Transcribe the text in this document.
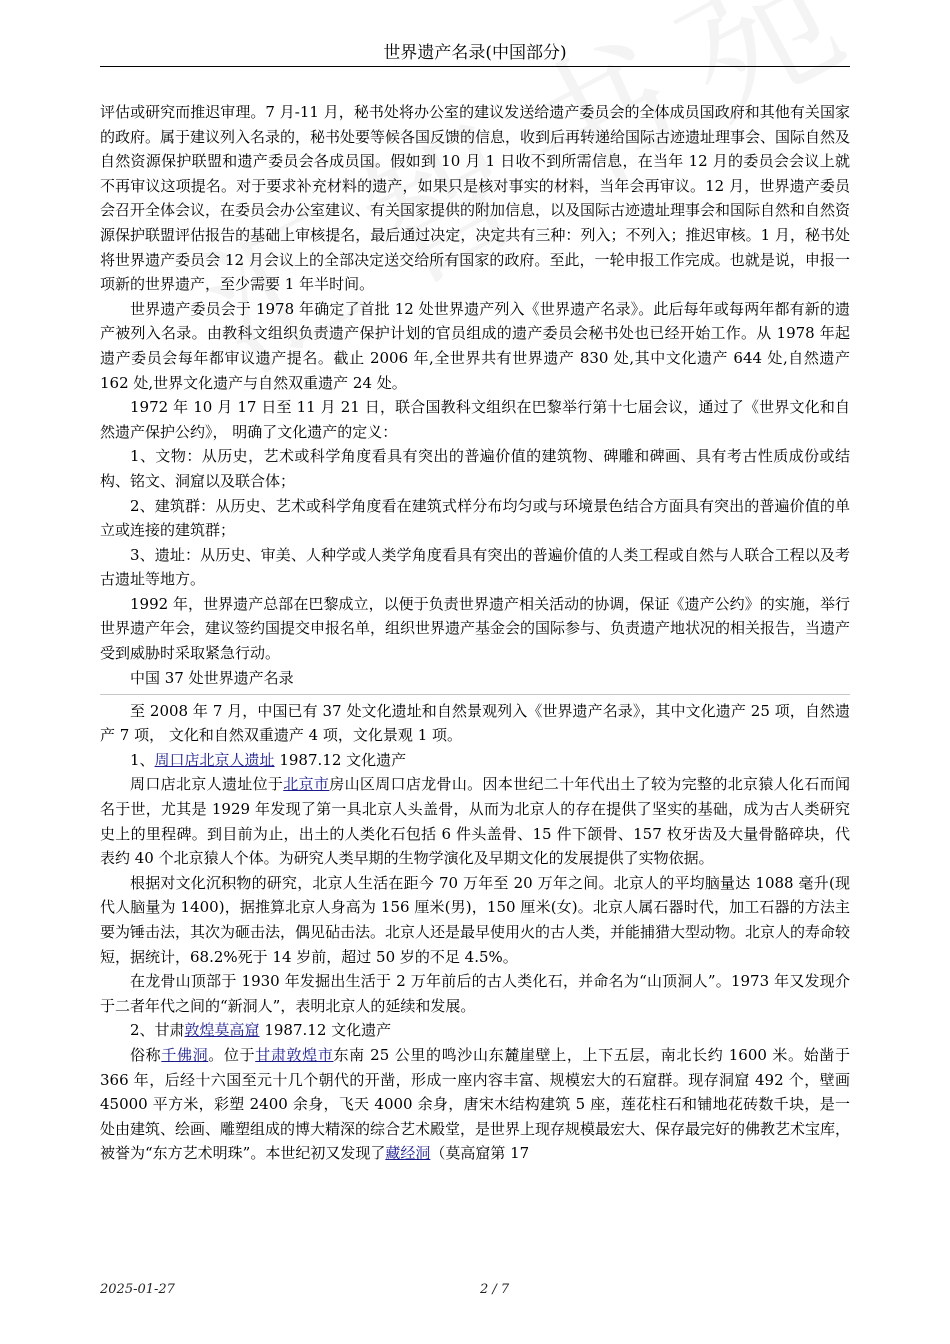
世界遗产名录(中国部分)

评估或研究而推迟审理。7 月-11 月，秘书处将办公室的建议发送给遗产委员会的全体成员国政府和其他有关国家的政府。属于建议列入名录的，秘书处要等候各国反馈的信息，收到后再转递给国际古迹遗址理事会、国际自然及自然资源保护联盟和遗产委员会各成员国。假如到 10 月 1 日收不到所需信息，在当年 12 月的委员会会议上就不再审议这项提名。对于要求补充材料的遗产，如果只是核对事实的材料，当年会再审议。12 月，世界遗产委员会召开全体会议，在委员会办公室建议、有关国家提供的附加信息，以及国际古迹遗址理事会和国际自然和自然资源保护联盟评估报告的基础上审核提名，最后通过决定，决定共有三种：列入；不列入；推迟审核。1 月，秘书处将世界遗产委员会 12 月会议上的全部决定送交给所有国家的政府。至此，一轮申报工作完成。也就是说，申报一项新的世界遗产，至少需要 1 年半时间。

世界遗产委员会于 1978 年确定了首批 12 处世界遗产列入《世界遗产名录》。此后每年或每两年都有新的遗产被列入名录。由教科文组织负责遗产保护计划的官员组成的遗产委员会秘书处也已经开始工作。从 1978 年起遗产委员会每年都审议遗产提名。截止 2006 年,全世界共有世界遗产 830 处,其中文化遗产 644 处,自然遗产 162 处,世界文化遗产与自然双重遗产 24 处。

1972 年 10 月 17 日至 11 月 21 日，联合国教科文组织在巴黎举行第十七届会议，通过了《世界文化和自然遗产保护公约》， 明确了文化遗产的定义：

1、文物：从历史，艺术或科学角度看具有突出的普遍价值的建筑物、碑雕和碑画、具有考古性质成份或结构、铭文、洞窟以及联合体；

2、建筑群：从历史、艺术或科学角度看在建筑式样分布均匀或与环境景色结合方面具有突出的普遍价值的单立或连接的建筑群；

3、遗址：从历史、审美、人种学或人类学角度看具有突出的普遍价值的人类工程或自然与人联合工程以及考古遗址等地方。

1992 年，世界遗产总部在巴黎成立，以便于负责世界遗产相关活动的协调，保证《遗产公约》的实施，举行世界遗产年会，建议签约国提交申报名单，组织世界遗产基金会的国际参与、负责遗产地状况的相关报告，当遗产受到威胁时采取紧急行动。

中国 37 处世界遗产名录

至 2008 年 7 月，中国已有 37 处文化遗址和自然景观列入《世界遗产名录》，其中文化遗产 25 项，自然遗产 7 项， 文化和自然双重遗产 4 项，文化景观 1 项。

1、周口店北京人遗址 1987.12 文化遗产

周口店北京人遗址位于北京市房山区周口店龙骨山。因本世纪二十年代出土了较为完整的北京猿人化石而闻名于世，尤其是 1929 年发现了第一具北京人头盖骨，从而为北京人的存在提供了坚实的基础，成为古人类研究史上的里程碑。到目前为止，出土的人类化石包括 6 件头盖骨、15 件下颌骨、157 枚牙齿及大量骨骼碎块，代表约 40 个北京猿人个体。为研究人类早期的生物学演化及早期文化的发展提供了实物依据。

根据对文化沉积物的研究，北京人生活在距今 70 万年至 20 万年之间。北京人的平均脑量达 1088 毫升(现代人脑量为 1400)，据推算北京人身高为 156 厘米(男)，150 厘米(女)。北京人属石器时代，加工石器的方法主要为锤击法，其次为砸击法，偶见砧击法。北京人还是最早使用火的古人类，并能捕猎大型动物。北京人的寿命较短，据统计，68.2%死于 14 岁前，超过 50 岁的不足 4.5%。

在龙骨山顶部于 1930 年发掘出生活于 2 万年前后的古人类化石，并命名为“山顶洞人”。1973 年又发现介于二者年代之间的“新洞人”，表明北京人的延续和发展。

2、甘肃敦煌莫高窟 1987.12 文化遗产

俗称千佛洞。位于甘肃敦煌市东南 25 公里的鸣沙山东麓崖壁上，上下五层，南北长约 1600 米。始凿于 366 年，后经十六国至元十几个朝代的开凿，形成一座内容丰富、规模宏大的石窟群。现存洞窟 492 个，壁画 45000 平方米，彩塑 2400 余身，飞天 4000 余身，唐宋木结构建筑 5 座，莲花柱石和铺地花砖数千块，是一处由建筑、绘画、雕塑组成的博大精深的综合艺术殿堂，是世界上现存规模最宏大、保存最完好的佛教艺术宝库，被誉为“东方艺术明珠”。本世纪初又发现了藏经洞（莫高窟第 17

2025-01-27	2 / 7
